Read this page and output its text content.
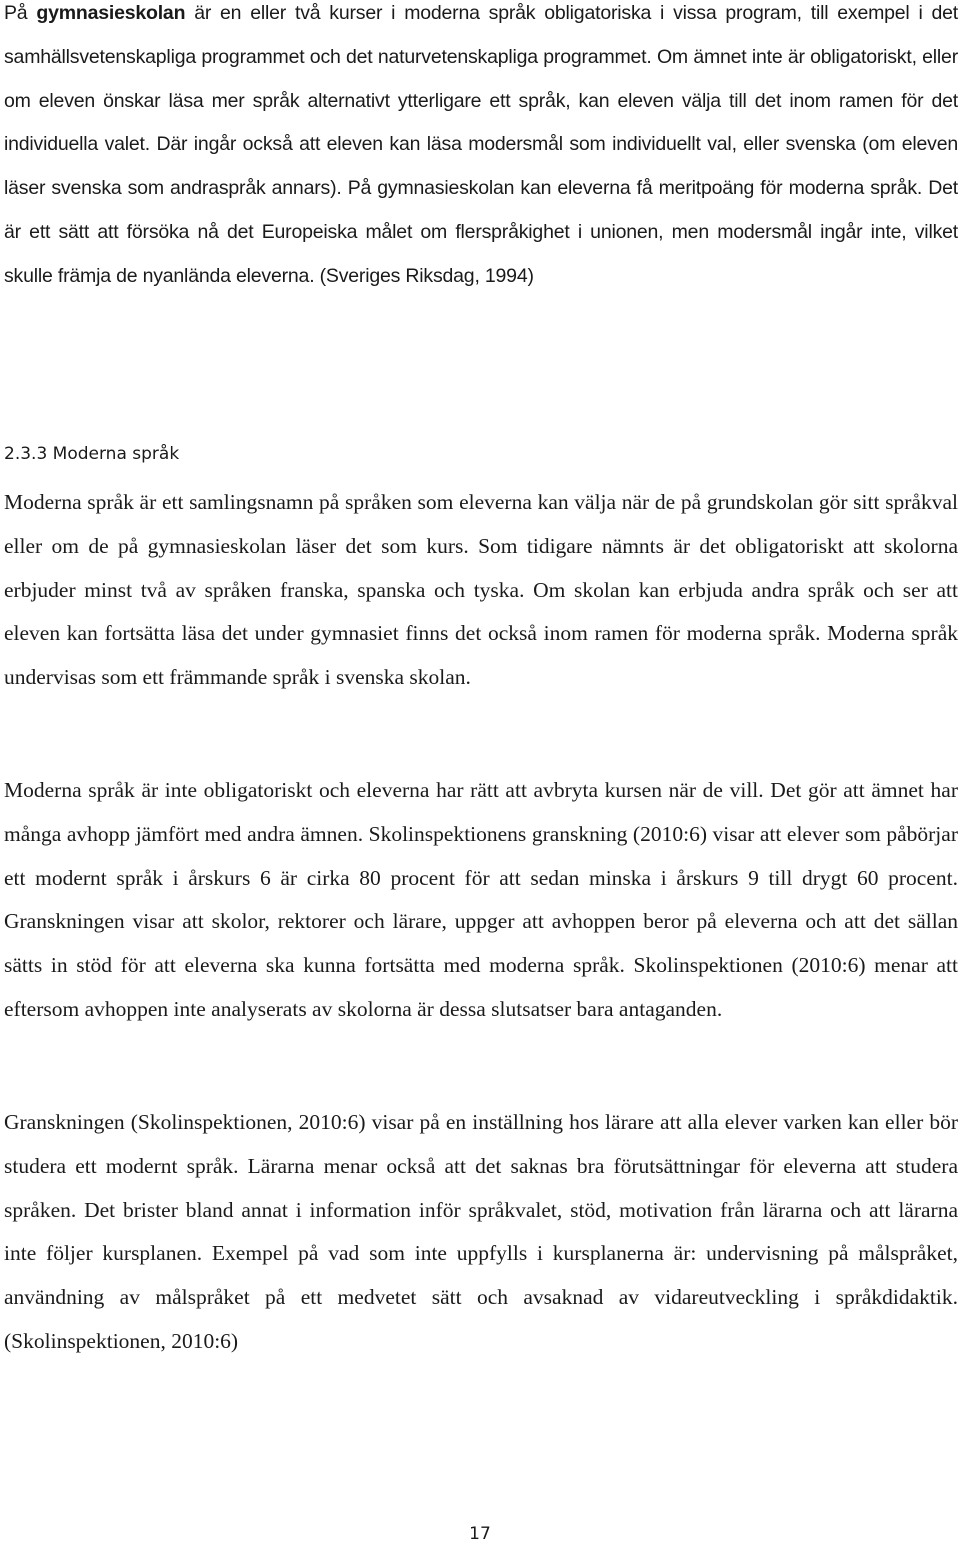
På gymnasieskolan är en eller två kurser i moderna språk obligatoriska i vissa program, till exempel i det samhällsvetenskapliga programmet och det naturvetenskapliga programmet. Om ämnet inte är obligatoriskt, eller om eleven önskar läsa mer språk alternativt ytterligare ett språk, kan eleven välja till det inom ramen för det individuella valet. Där ingår också att eleven kan läsa modersmål som individuellt val, eller svenska (om eleven läser svenska som andraspråk annars). På gymnasieskolan kan eleverna få meritpoäng för moderna språk. Det är ett sätt att försöka nå det Europeiska målet om flerspråkighet i unionen, men modersmål ingår inte, vilket skulle främja de nyanlända eleverna. (Sveriges Riksdag, 1994)

2.3.3 Moderna språk

Moderna språk är ett samlingsnamn på språken som eleverna kan välja när de på grundskolan gör sitt språkval eller om de på gymnasieskolan läser det som kurs. Som tidigare nämnts är det obligatoriskt att skolorna erbjuder minst två av språken franska, spanska och tyska. Om skolan kan erbjuda andra språk och ser att eleven kan fortsätta läsa det under gymnasiet finns det också inom ramen för moderna språk. Moderna språk undervisas som ett främmande språk i svenska skolan.

Moderna språk är inte obligatoriskt och eleverna har rätt att avbryta kursen när de vill. Det gör att ämnet har många avhopp jämfört med andra ämnen. Skolinspektionens granskning (2010:6) visar att elever som påbörjar ett modernt språk i årskurs 6 är cirka 80 procent för att sedan minska i årskurs 9 till drygt 60 procent. Granskningen visar att skolor, rektorer och lärare, uppger att avhoppen beror på eleverna och att det sällan sätts in stöd för att eleverna ska kunna fortsätta med moderna språk. Skolinspektionen (2010:6) menar att eftersom avhoppen inte analyserats av skolorna är dessa slutsatser bara antaganden.

Granskningen (Skolinspektionen, 2010:6) visar på en inställning hos lärare att alla elever varken kan eller bör studera ett modernt språk. Lärarna menar också att det saknas bra förutsättningar för eleverna att studera språken. Det brister bland annat i information inför språkvalet, stöd, motivation från lärarna och att lärarna inte följer kursplanen. Exempel på vad som inte uppfylls i kursplanerna är: undervisning på målspråket, användning av målspråket på ett medvetet sätt och avsaknad av vidareutveckling i språkdidaktik. (Skolinspektionen, 2010:6)

17
